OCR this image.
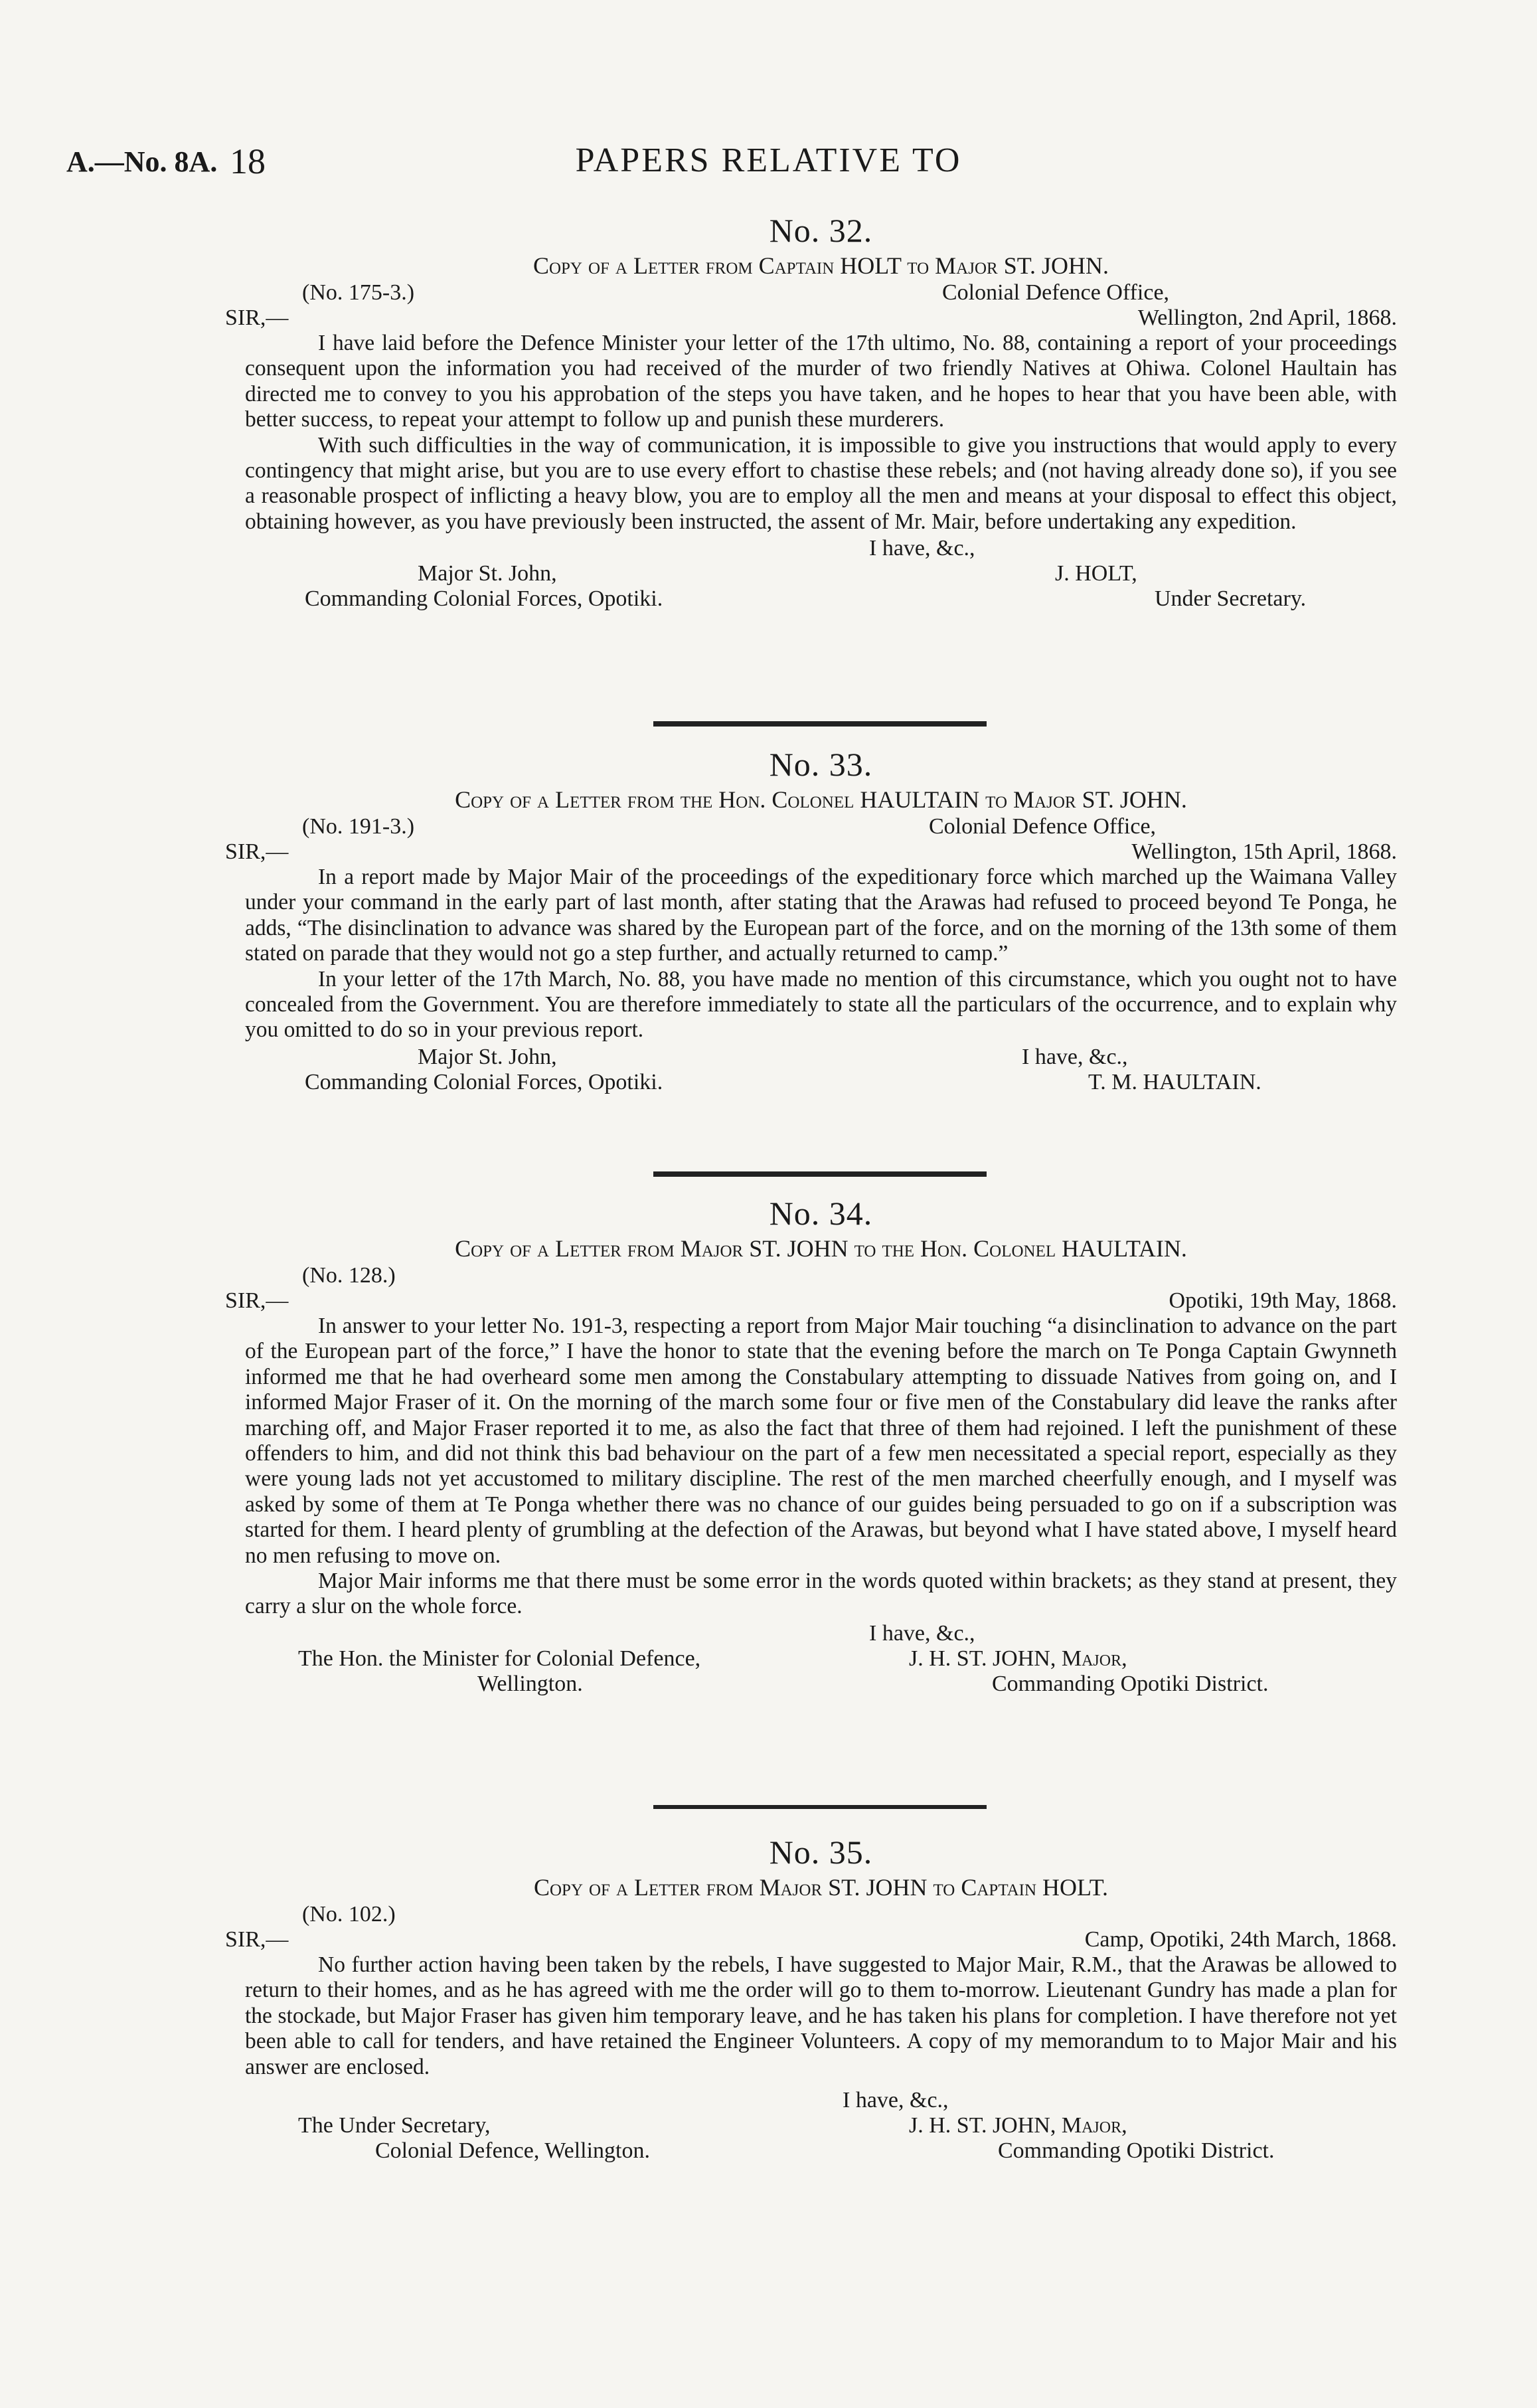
A.—No. 8A. 18	PAPERS RELATIVE TO
No. 32.
Copy of a Letter from Captain HOLT to Major ST. JOHN.
(No. 175-3.)	Colonial Defence Office,
SIR,—	Wellington, 2nd April, 1868.

I have laid before the Defence Minister your letter of the 17th ultimo, No. 88, containing a report of your proceedings consequent upon the information you had received of the murder of two friendly Natives at Ohiwa. Colonel Haultain has directed me to convey to you his approbation of the steps you have taken, and he hopes to hear that you have been able, with better success, to repeat your attempt to follow up and punish these murderers.

With such difficulties in the way of communication, it is impossible to give you instructions that would apply to every contingency that might arise, but you are to use every effort to chastise these rebels; and (not having already done so), if you see a reasonable prospect of inflicting a heavy blow, you are to employ all the men and means at your disposal to effect this object, obtaining however, as you have previously been instructed, the assent of Mr. Mair, before undertaking any expedition.

I have, &c.,
Major St. John,	J. HOLT,
Commanding Colonial Forces, Opotiki.	Under Secretary.
No. 33.
Copy of a Letter from the Hon. Colonel HAULTAIN to Major ST. JOHN.
(No. 191-3.)	Colonial Defence Office,
SIR,—	Wellington, 15th April, 1868.

In a report made by Major Mair of the proceedings of the expeditionary force which marched up the Waimana Valley under your command in the early part of last month, after stating that the Arawas had refused to proceed beyond Te Ponga, he adds, “The disinclination to advance was shared by the European part of the force, and on the morning of the 13th some of them stated on parade that they would not go a step further, and actually returned to camp.”

In your letter of the 17th March, No. 88, you have made no mention of this circumstance, which you ought not to have concealed from the Government. You are therefore immediately to state all the particulars of the occurrence, and to explain why you omitted to do so in your previous report.

Major St. John,	I have, &c.,
Commanding Colonial Forces, Opotiki.	T. M. HAULTAIN.
No. 34.
Copy of a Letter from Major ST. JOHN to the Hon. Colonel HAULTAIN.
(No. 128.)
SIR,—	Opotiki, 19th May, 1868.

In answer to your letter No. 191-3, respecting a report from Major Mair touching “a disinclination to advance on the part of the European part of the force,” I have the honor to state that the evening before the march on Te Ponga Captain Gwynneth informed me that he had overheard some men among the Constabulary attempting to dissuade Natives from going on, and I informed Major Fraser of it. On the morning of the march some four or five men of the Constabulary did leave the ranks after marching off, and Major Fraser reported it to me, as also the fact that three of them had rejoined. I left the punishment of these offenders to him, and did not think this bad behaviour on the part of a few men necessitated a special report, especially as they were young lads not yet accustomed to military discipline. The rest of the men marched cheerfully enough, and I myself was asked by some of them at Te Ponga whether there was no chance of our guides being persuaded to go on if a subscription was started for them. I heard plenty of grumbling at the defection of the Arawas, but beyond what I have stated above, I myself heard no men refusing to move on.

Major Mair informs me that there must be some error in the words quoted within brackets; as they stand at present, they carry a slur on the whole force.

I have, &c.,
The Hon. the Minister for Colonial Defence,	J. H. ST. JOHN, Major,
Wellington.	Commanding Opotiki District.
No. 35.
Copy of a Letter from Major ST. JOHN to Captain HOLT.
(No. 102.)
SIR,—	Camp, Opotiki, 24th March, 1868.

No further action having been taken by the rebels, I have suggested to Major Mair, R.M., that the Arawas be allowed to return to their homes, and as he has agreed with me the order will go to them to-morrow. Lieutenant Gundry has made a plan for the stockade, but Major Fraser has given him temporary leave, and he has taken his plans for completion. I have therefore not yet been able to call for tenders, and have retained the Engineer Volunteers. A copy of my memorandum to to Major Mair and his answer are enclosed.

I have, &c.,
The Under Secretary,	J. H. ST. JOHN, Major,
Colonial Defence, Wellington.	Commanding Opotiki District.
